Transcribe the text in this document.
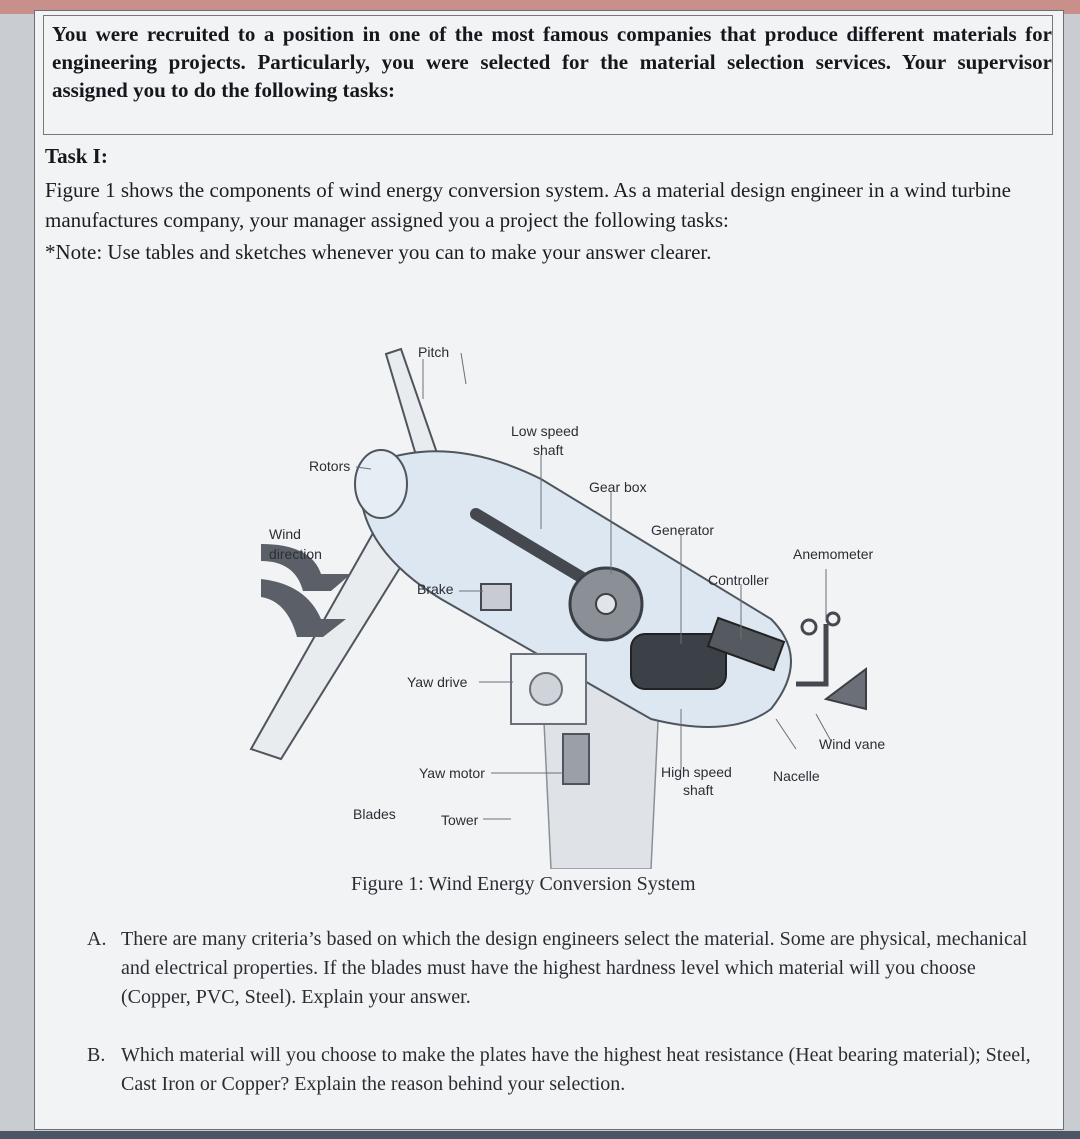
You were recruited to a position in one of the most famous companies that produce different materials for engineering projects. Particularly, you were selected for the material selection services. Your supervisor assigned you to do the following tasks:

Task I:

Figure 1 shows the components of wind energy conversion system. As a material design engineer in a wind turbine manufactures company, your manager assigned you a project the following tasks:

*Note: Use tables and sketches whenever you can to make your answer clearer.

Pitch
Low speed
shaft
Rotors
Gear box
Generator
Wind
direction	Anemometer
Controller
Brake
Yaw drive
Wind vane
Yaw motor	High speed
shaft
Nacelle
Blades	Tower

Figure 1: Wind Energy Conversion System

A. There are many criteria’s based on which the design engineers select the material. Some are physical, mechanical and electrical properties. If the blades must have the highest hardness level which material will you choose (Copper, PVC, Steel). Explain your answer.
B. Which material will you choose to make the plates have the highest heat resistance (Heat bearing material); Steel, Cast Iron or Copper? Explain the reason behind your selection.
